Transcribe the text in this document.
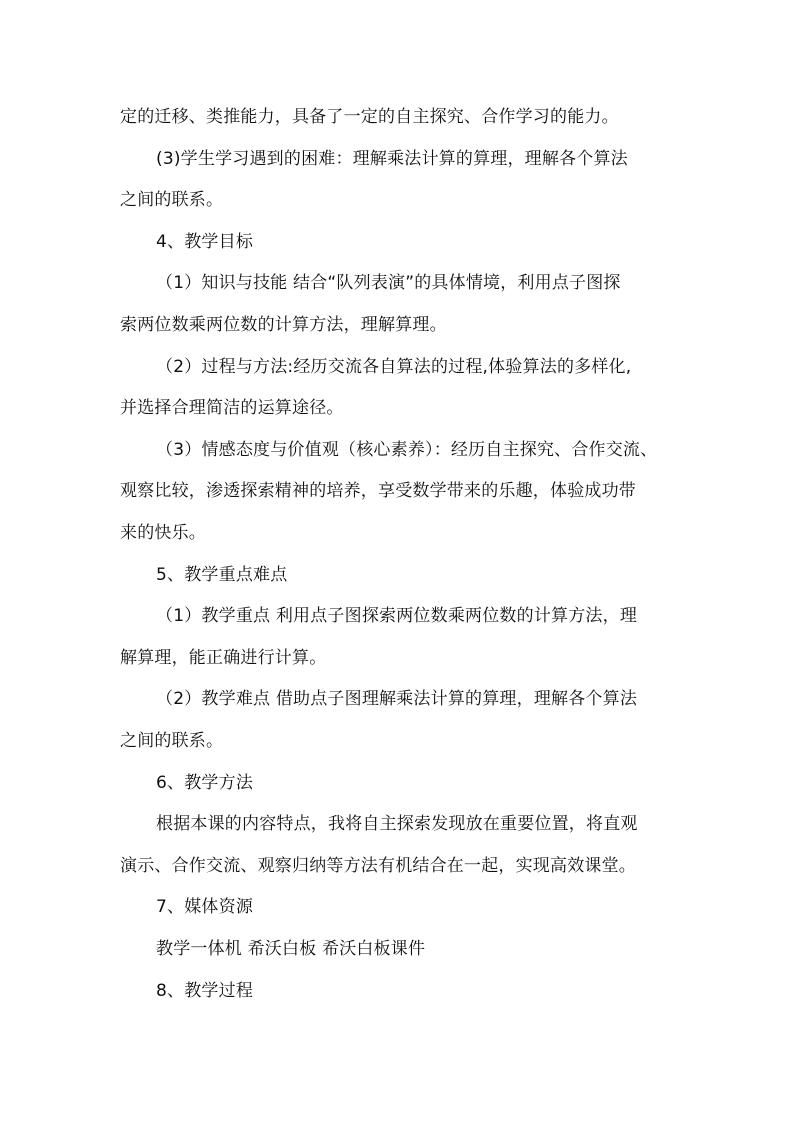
定的迁移、类推能力，具备了一定的自主探究、合作学习的能力。
(3)学生学习遇到的困难：理解乘法计算的算理，理解各个算法
之间的联系。
4、教学目标
（1）知识与技能 结合“队列表演”的具体情境，利用点子图探
索两位数乘两位数的计算方法，理解算理。
（2）过程与方法:经历交流各自算法的过程,体验算法的多样化,
并选择合理简洁的运算途径。
（3）情感态度与价值观（核心素养）：经历自主探究、合作交流、
观察比较，渗透探索精神的培养，享受数学带来的乐趣，体验成功带
来的快乐。
5、教学重点难点
（1）教学重点 利用点子图探索两位数乘两位数的计算方法，理
解算理，能正确进行计算。
（2）教学难点 借助点子图理解乘法计算的算理，理解各个算法
之间的联系。
6、教学方法
根据本课的内容特点，我将自主探索发现放在重要位置，将直观
演示、合作交流、观察归纳等方法有机结合在一起，实现高效课堂。
7、媒体资源
教学一体机 希沃白板 希沃白板课件
8、教学过程
